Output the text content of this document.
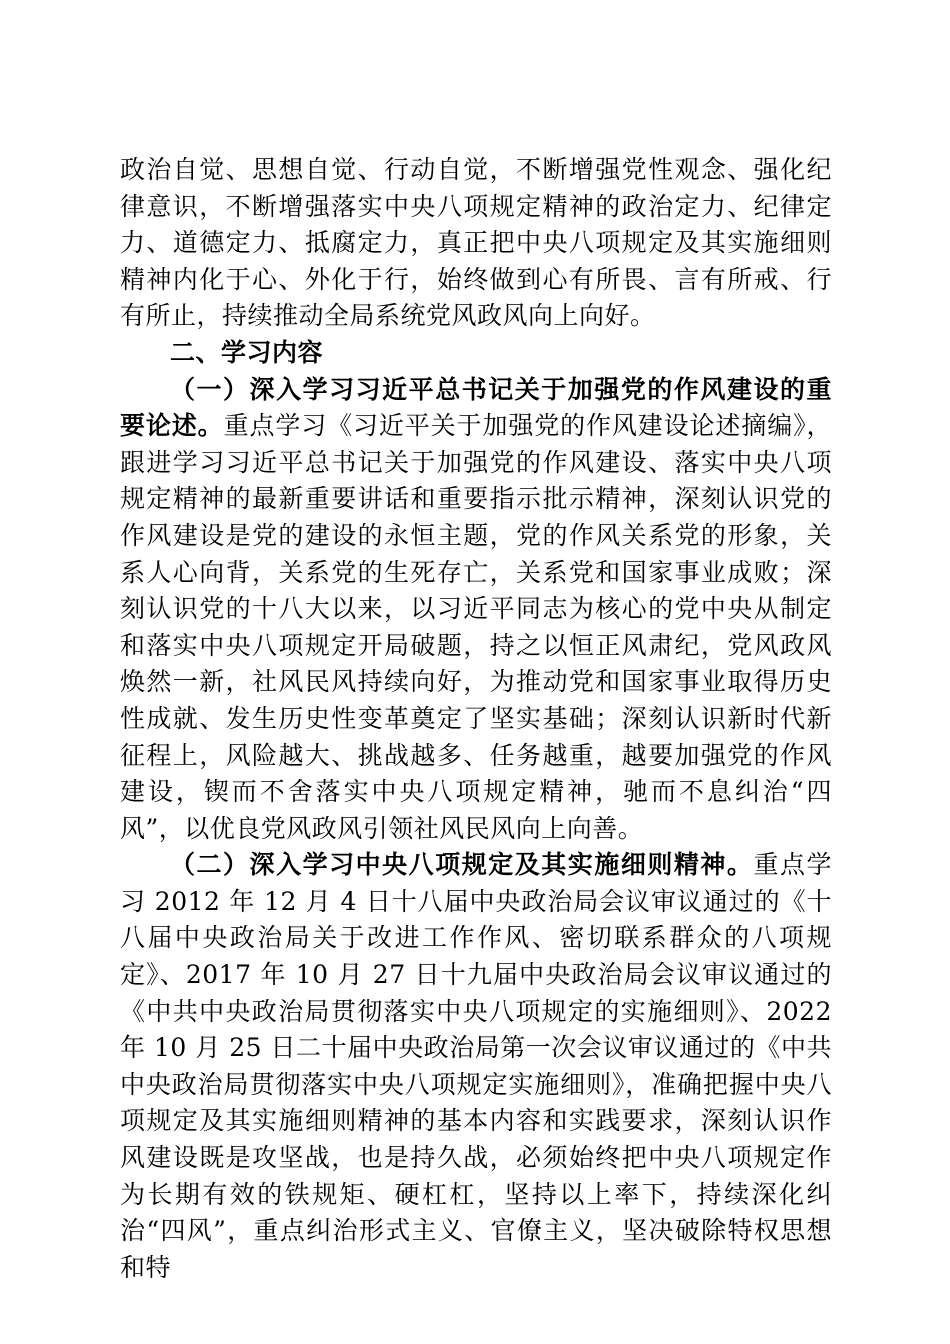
政治自觉、思想自觉、行动自觉，不断增强党性观念、强化纪律意识，不断增强落实中央八项规定精神的政治定力、纪律定力、道德定力、抵腐定力，真正把中央八项规定及其实施细则精神内化于心、外化于行，始终做到心有所畏、言有所戒、行有所止，持续推动全局系统党风政风向上向好。

二、学习内容

（一）深入学习习近平总书记关于加强党的作风建设的重要论述。重点学习《习近平关于加强党的作风建设论述摘编》，跟进学习习近平总书记关于加强党的作风建设、落实中央八项规定精神的最新重要讲话和重要指示批示精神，深刻认识党的作风建设是党的建设的永恒主题，党的作风关系党的形象，关系人心向背，关系党的生死存亡，关系党和国家事业成败；深刻认识党的十八大以来，以习近平同志为核心的党中央从制定和落实中央八项规定开局破题，持之以恒正风肃纪，党风政风焕然一新，社风民风持续向好，为推动党和国家事业取得历史性成就、发生历史性变革奠定了坚实基础；深刻认识新时代新征程上，风险越大、挑战越多、任务越重，越要加强党的作风建设，锲而不舍落实中央八项规定精神，驰而不息纠治“四风”，以优良党风政风引领社风民风向上向善。

（二）深入学习中央八项规定及其实施细则精神。重点学习 2012 年 12 月 4 日十八届中央政治局会议审议通过的《十八届中央政治局关于改进工作作风、密切联系群众的八项规定》、2017 年 10 月 27 日十九届中央政治局会议审议通过的《中共中央政治局贯彻落实中央八项规定的实施细则》、2022 年 10 月 25 日二十届中央政治局第一次会议审议通过的《中共中央政治局贯彻落实中央八项规定实施细则》，准确把握中央八项规定及其实施细则精神的基本内容和实践要求，深刻认识作风建设既是攻坚战，也是持久战，必须始终把中央八项规定作为长期有效的铁规矩、硬杠杠，坚持以上率下，持续深化纠治“四风”，重点纠治形式主义、官僚主义，坚决破除特权思想和特
